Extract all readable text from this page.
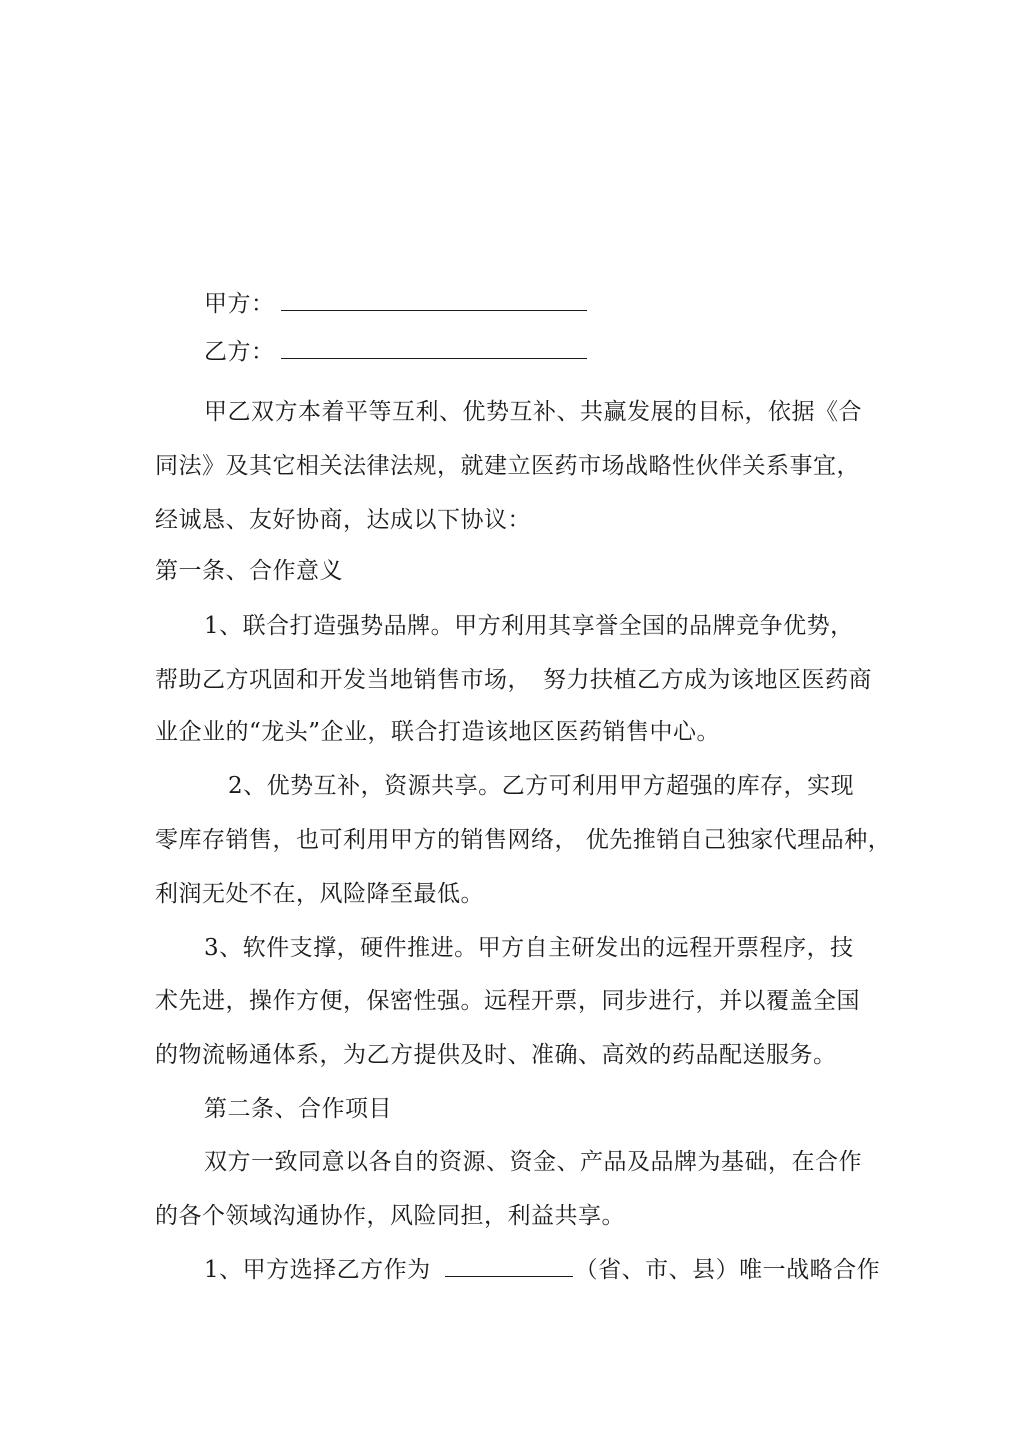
甲方：
乙方：
甲乙双方本着平等互利、优势互补、共赢发展的目标，依据《合
同法》及其它相关法律法规，就建立医药市场战略性伙伴关系事宜，
经诚恳、友好协商，达成以下协议：
第一条、合作意义
1、联合打造强势品牌。甲方利用其享誉全国的品牌竞争优势，
帮助乙方巩固和开发当地销售市场，　努力扶植乙方成为该地区医药商
业企业的“龙头”企业，联合打造该地区医药销售中心。
2、优势互补，资源共享。乙方可利用甲方超强的库存，实现
零库存销售，也可利用甲方的销售网络， 优先推销自己独家代理品种，
利润无处不在，风险降至最低。
3、软件支撑，硬件推进。甲方自主研发出的远程开票程序，技
术先进，操作方便，保密性强。远程开票，同步进行，并以覆盖全国
的物流畅通体系，为乙方提供及时、准确、高效的药品配送服务。
第二条、合作项目
双方一致同意以各自的资源、资金、产品及品牌为基础，在合作
的各个领域沟通协作，风险同担，利益共享。
1、甲方选择乙方作为	（省、市、县）唯一战略合作
